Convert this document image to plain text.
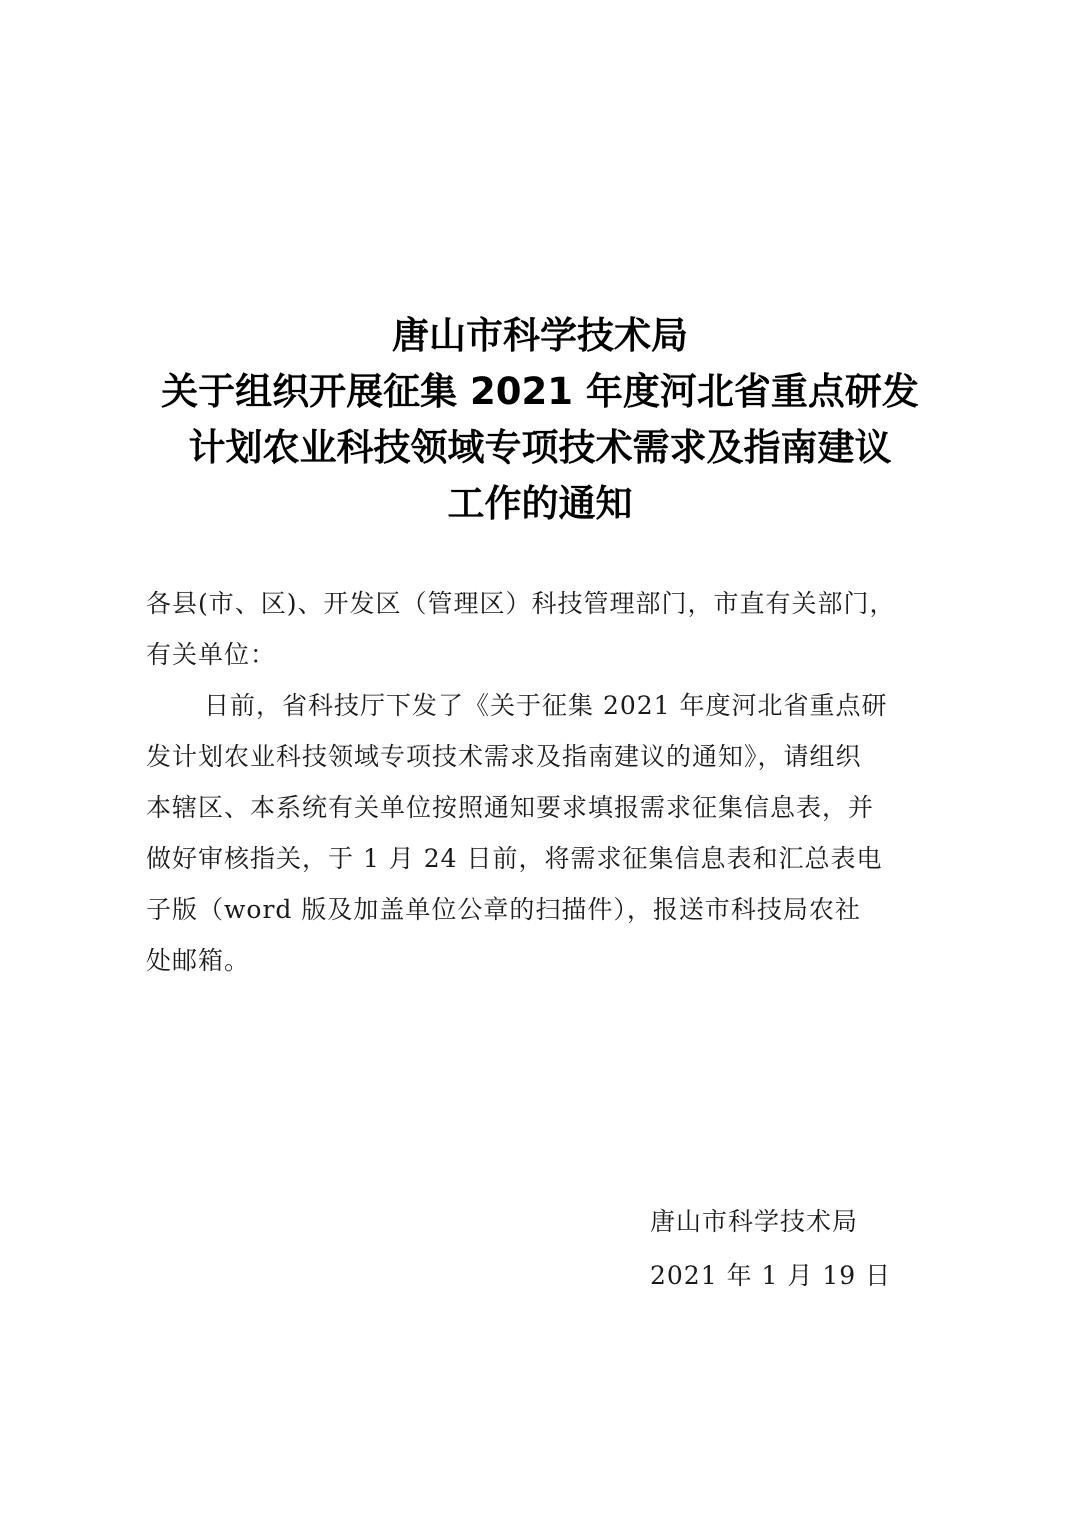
唐山市科学技术局
关于组织开展征集 2021 年度河北省重点研发
计划农业科技领域专项技术需求及指南建议
工作的通知
各县(市、区)、开发区（管理区）科技管理部门，市直有关部门，
有关单位：
日前，省科技厅下发了《关于征集 2021 年度河北省重点研
发计划农业科技领域专项技术需求及指南建议的通知》，请组织
本辖区、本系统有关单位按照通知要求填报需求征集信息表，并
做好审核指关，于 1 月 24 日前，将需求征集信息表和汇总表电
子版（word 版及加盖单位公章的扫描件），报送市科技局农社
处邮箱。
唐山市科学技术局
2021 年 1 月 19 日
